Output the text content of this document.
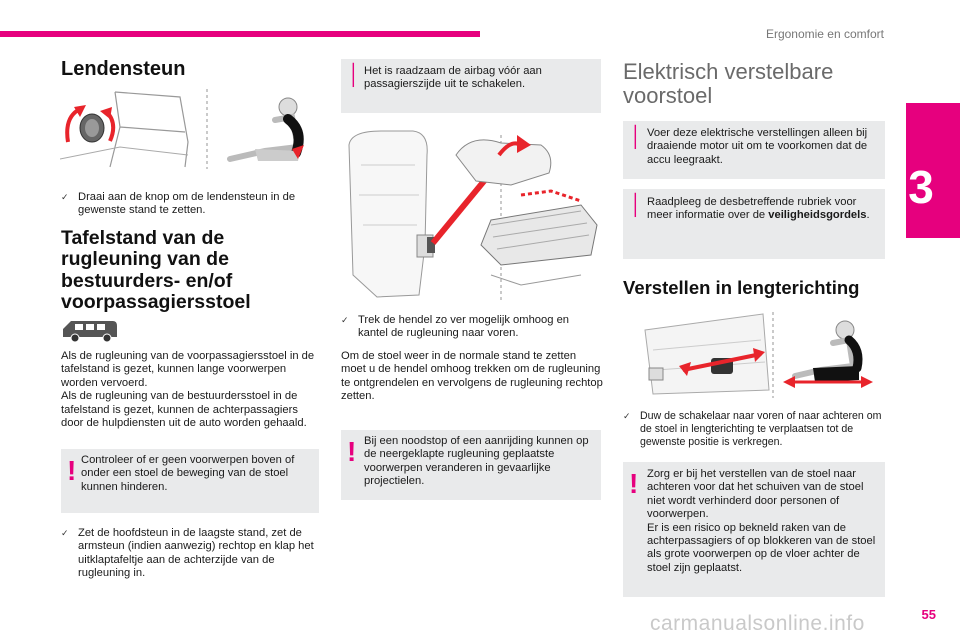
Ergonomie en comfort
3
Lendensteun
✓ Draai aan de knop om de lendensteun in de gewenste stand te zetten.
Tafelstand van de rugleuning van de bestuurders- en/of voorpassagiersstoel
Als de rugleuning van de voorpassagiersstoel in de tafelstand is gezet, kunnen lange voorwerpen worden vervoerd.
Als de rugleuning van de bestuurdersstoel in de tafelstand is gezet, kunnen de achterpassagiers door de hulpdiensten uit de auto worden gehaald.
! Controleer of er geen voorwerpen boven of onder een stoel de beweging van de stoel kunnen hinderen.
✓ Zet de hoofdsteun in de laagste stand, zet de armsteun (indien aanwezig) rechtop en klap het uitklaptafeltje aan de achterzijde van de rugleuning in.
│ Het is raadzaam de airbag vóór aan passagierszijde uit te schakelen.
✓ Trek de hendel zo ver mogelijk omhoog en kantel de rugleuning naar voren.
Om de stoel weer in de normale stand te zetten moet u de hendel omhoog trekken om de rugleuning te ontgrendelen en vervolgens de rugleuning rechtop zetten.
! Bij een noodstop of een aanrijding kunnen op de neergeklapte rugleuning geplaatste voorwerpen veranderen in gevaarlijke projectielen.
Elektrisch verstelbare voorstoel
│ Voer deze elektrische verstellingen alleen bij draaiende motor uit om te voorkomen dat de accu leegraakt.
│ Raadpleeg de desbetreffende rubriek voor meer informatie over de veiligheidsgordels.
Verstellen in lengterichting
✓ Duw de schakelaar naar voren of naar achteren om de stoel in lengterichting te verplaatsen tot de gewenste positie is verkregen.
! Zorg er bij het verstellen van de stoel naar achteren voor dat het schuiven van de stoel niet wordt verhinderd door personen of voorwerpen.
Er is een risico op bekneld raken van de achterpassagiers of op blokkeren van de stoel als grote voorwerpen op de vloer achter de stoel zijn geplaatst.
carmanualsonline.info	55
